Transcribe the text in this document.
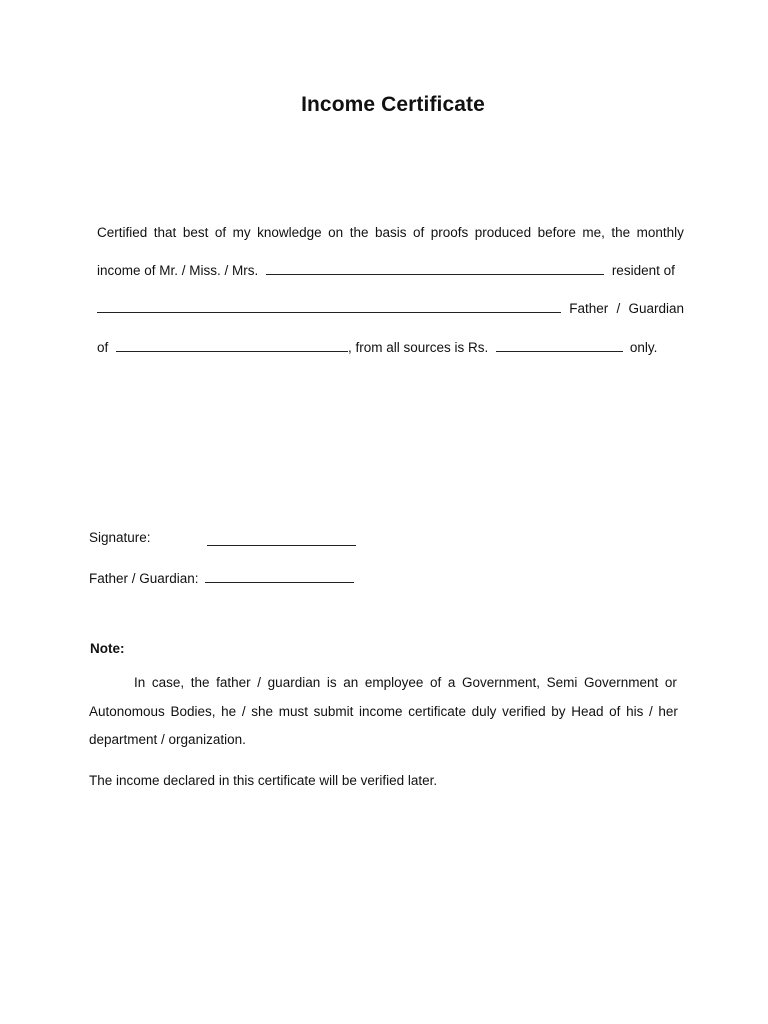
Income Certificate
Certified that best of my knowledge on the basis of proofs produced before me, the monthly
income of Mr. / Miss. / Mrs.	resident of
Father / Guardian
of	, from all sources is Rs.	only.
Signature:
Father / Guardian:
Note:
In case, the father / guardian is an employee of a Government, Semi Government or
Autonomous Bodies, he / she must submit income certificate duly verified by Head of his / her
department / organization.
The income declared in this certificate will be verified later.
